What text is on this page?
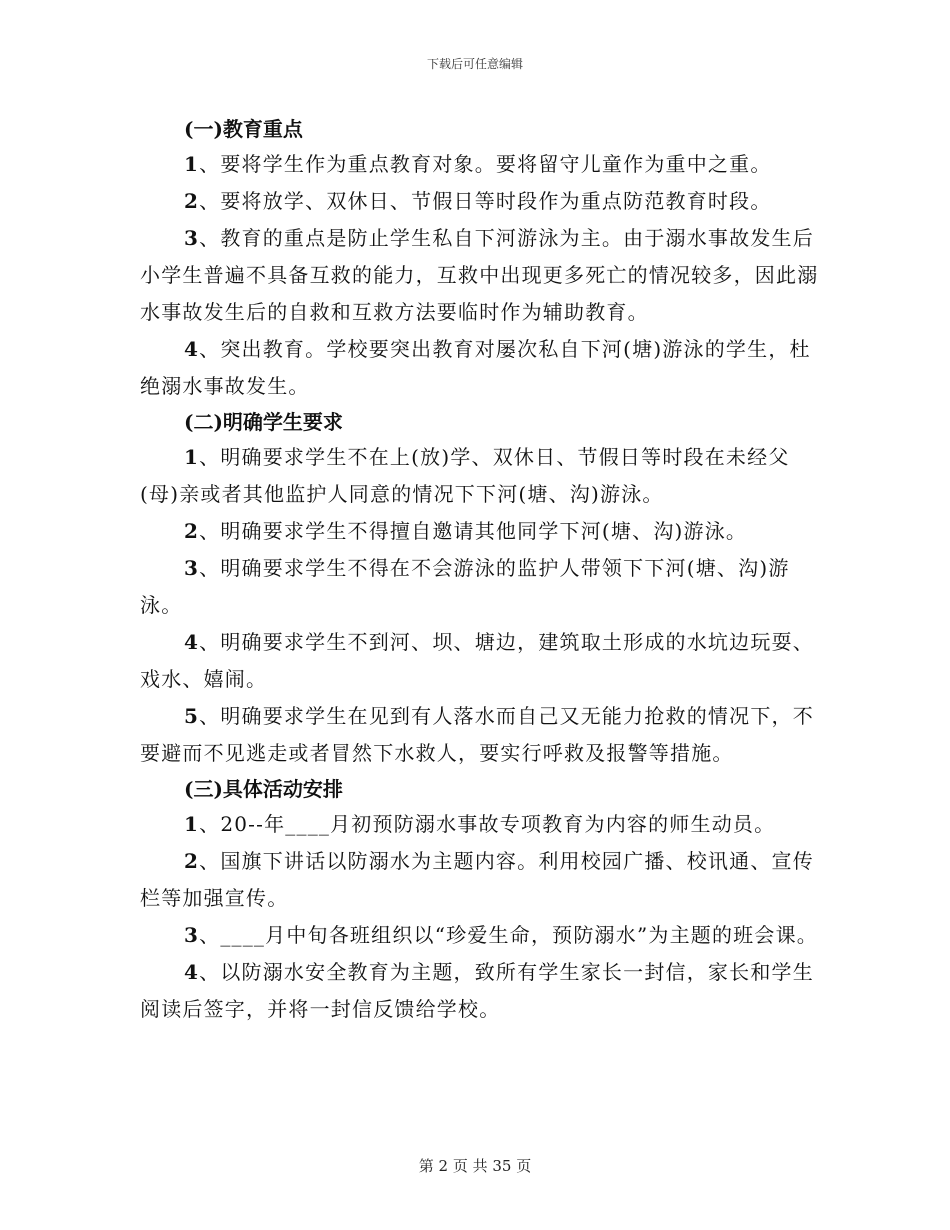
下载后可任意编辑
(一)教育重点

1、要将学生作为重点教育对象。要将留守儿童作为重中之重。

2、要将放学、双休日、节假日等时段作为重点防范教育时段。

3、教育的重点是防止学生私自下河游泳为主。由于溺水事故发生后小学生普遍不具备互救的能力，互救中出现更多死亡的情况较多，因此溺水事故发生后的自救和互救方法要临时作为辅助教育。

4、突出教育。学校要突出教育对屡次私自下河(塘)游泳的学生，杜绝溺水事故发生。

(二)明确学生要求

1、明确要求学生不在上(放)学、双休日、节假日等时段在未经父(母)亲或者其他监护人同意的情况下下河(塘、沟)游泳。

2、明确要求学生不得擅自邀请其他同学下河(塘、沟)游泳。

3、明确要求学生不得在不会游泳的监护人带领下下河(塘、沟)游泳。

4、明确要求学生不到河、坝、塘边，建筑取土形成的水坑边玩耍、戏水、嬉闹。

5、明确要求学生在见到有人落水而自己又无能力抢救的情况下，不要避而不见逃走或者冒然下水救人，要实行呼救及报警等措施。

(三)具体活动安排

1、20--年____月初预防溺水事故专项教育为内容的师生动员。

2、国旗下讲话以防溺水为主题内容。利用校园广播、校讯通、宣传栏等加强宣传。

3、____月中旬各班组织以“珍爱生命，预防溺水”为主题的班会课。

4、以防溺水安全教育为主题，致所有学生家长一封信，家长和学生阅读后签字，并将一封信反馈给学校。

第 2 页 共 35 页
